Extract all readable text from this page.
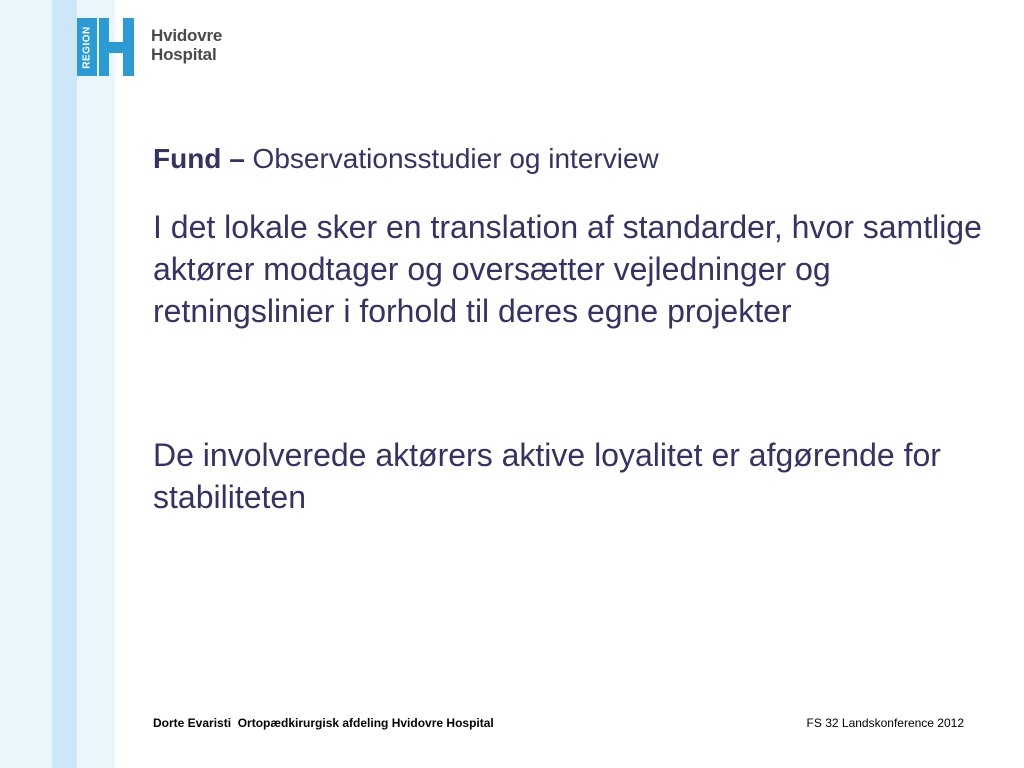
REGION	Hvidovre
Hospital
Fund – Observationsstudier og interview
I det lokale sker en translation af standarder, hvor samtlige aktører modtager og oversætter vejledninger og retningslinier i forhold til deres egne projekter
De involverede aktørers aktive loyalitet er afgørende for stabiliteten
Dorte Evaristi  Ortopædkirurgisk afdeling Hvidovre Hospital	FS 32 Landskonference 2012
